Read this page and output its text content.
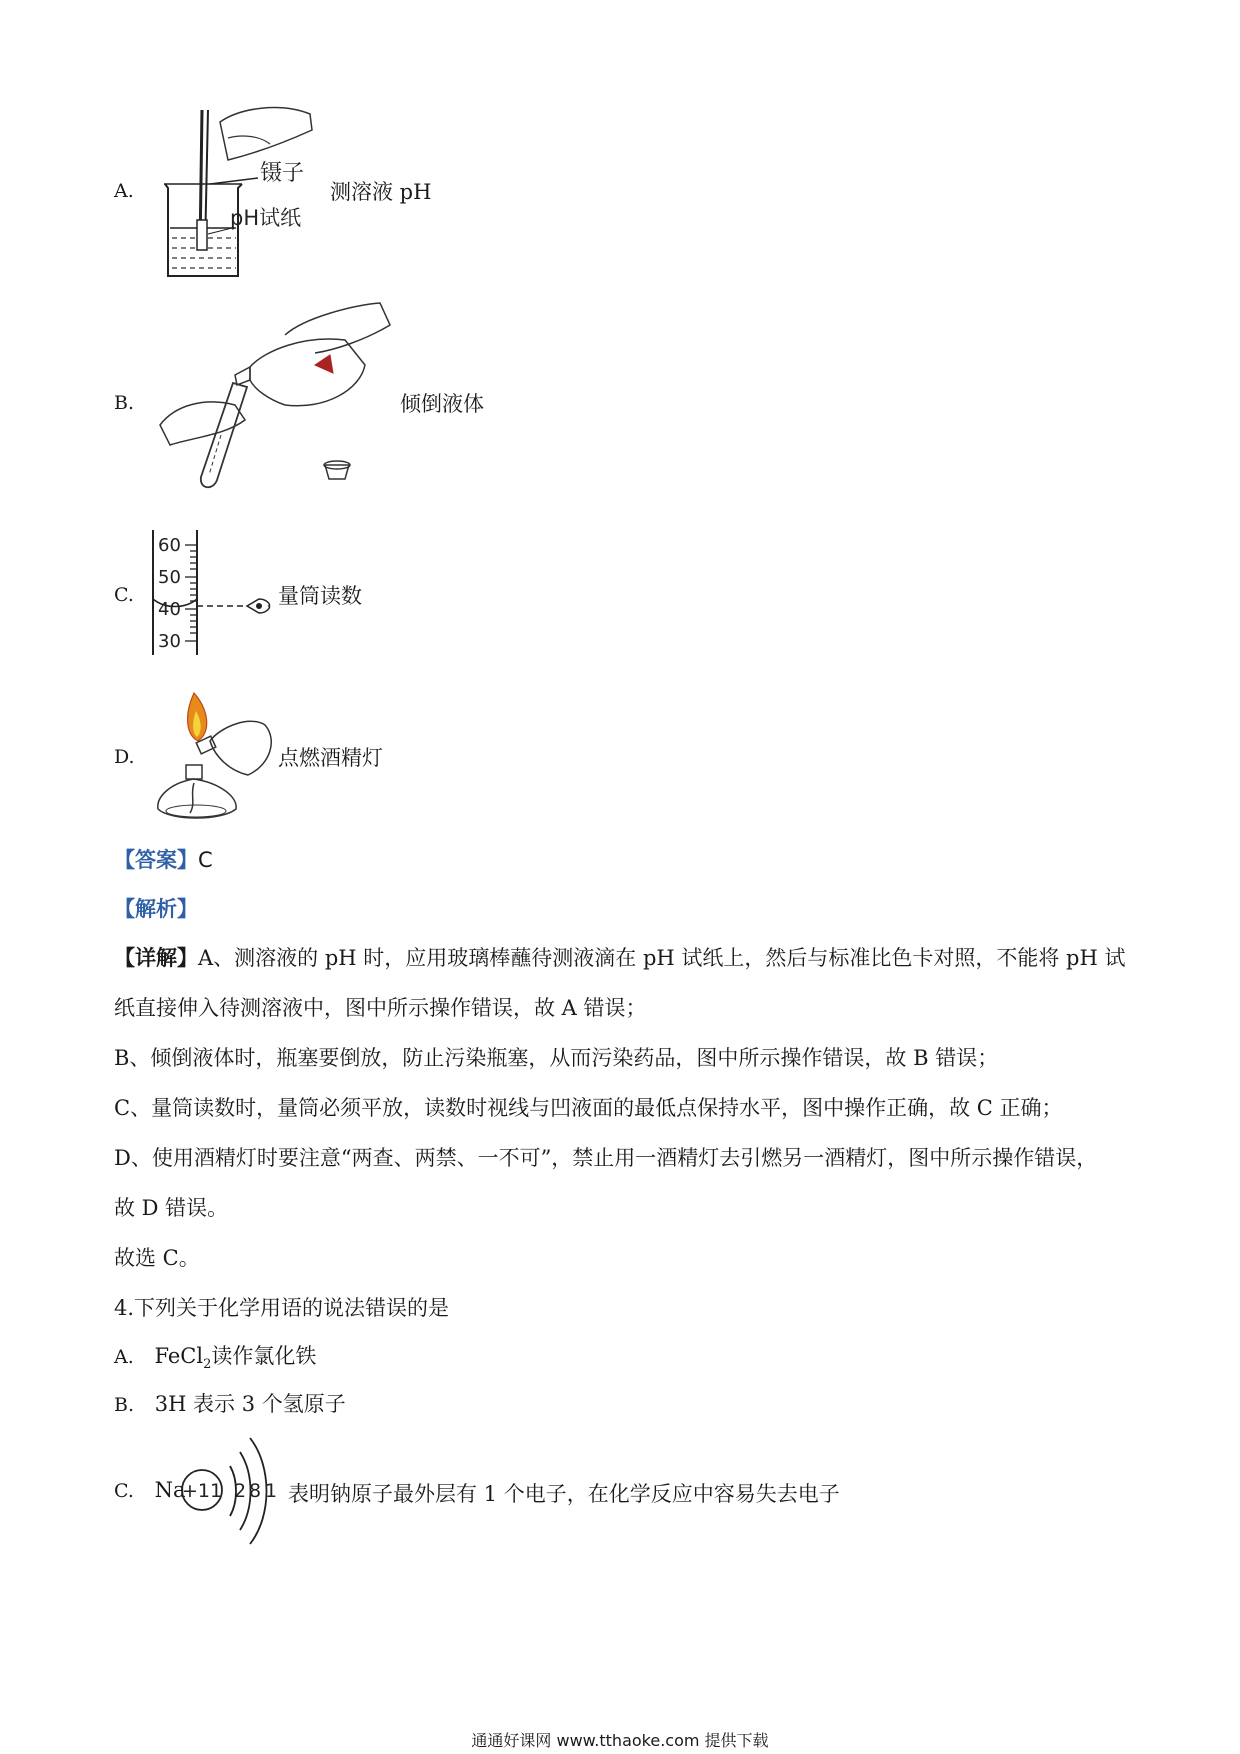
A.
镊子
pH试纸
测溶液 pH
B.	倾倒液体
C.
60
50
40
30
量筒读数
D.	点燃酒精灯
【答案】C
【解析】
【详解】A、测溶液的 pH 时，应用玻璃棒蘸待测液滴在 pH 试纸上，然后与标准比色卡对照，不能将 pH 试
纸直接伸入待测溶液中，图中所示操作错误，故 A 错误；
B、倾倒液体时，瓶塞要倒放，防止污染瓶塞，从而污染药品，图中所示操作错误，故 B 错误；
C、量筒读数时，量筒必须平放，读数时视线与凹液面的最低点保持水平，图中操作正确，故 C 正确；
D、使用酒精灯时要注意“两查、两禁、一不可”，禁止用一酒精灯去引燃另一酒精灯，图中所示操作错误，
故 D 错误。
故选 C。
4.下列关于化学用语的说法错误的是
A. FeCl$_2$读作氯化铁
B. 3H 表示 3 个氢原子
C. Na
+11 2 8 1 表明钠原子最外层有 1 个电子，在化学反应中容易失去电子
通通好课网 www.tthaoke.com 提供下载
